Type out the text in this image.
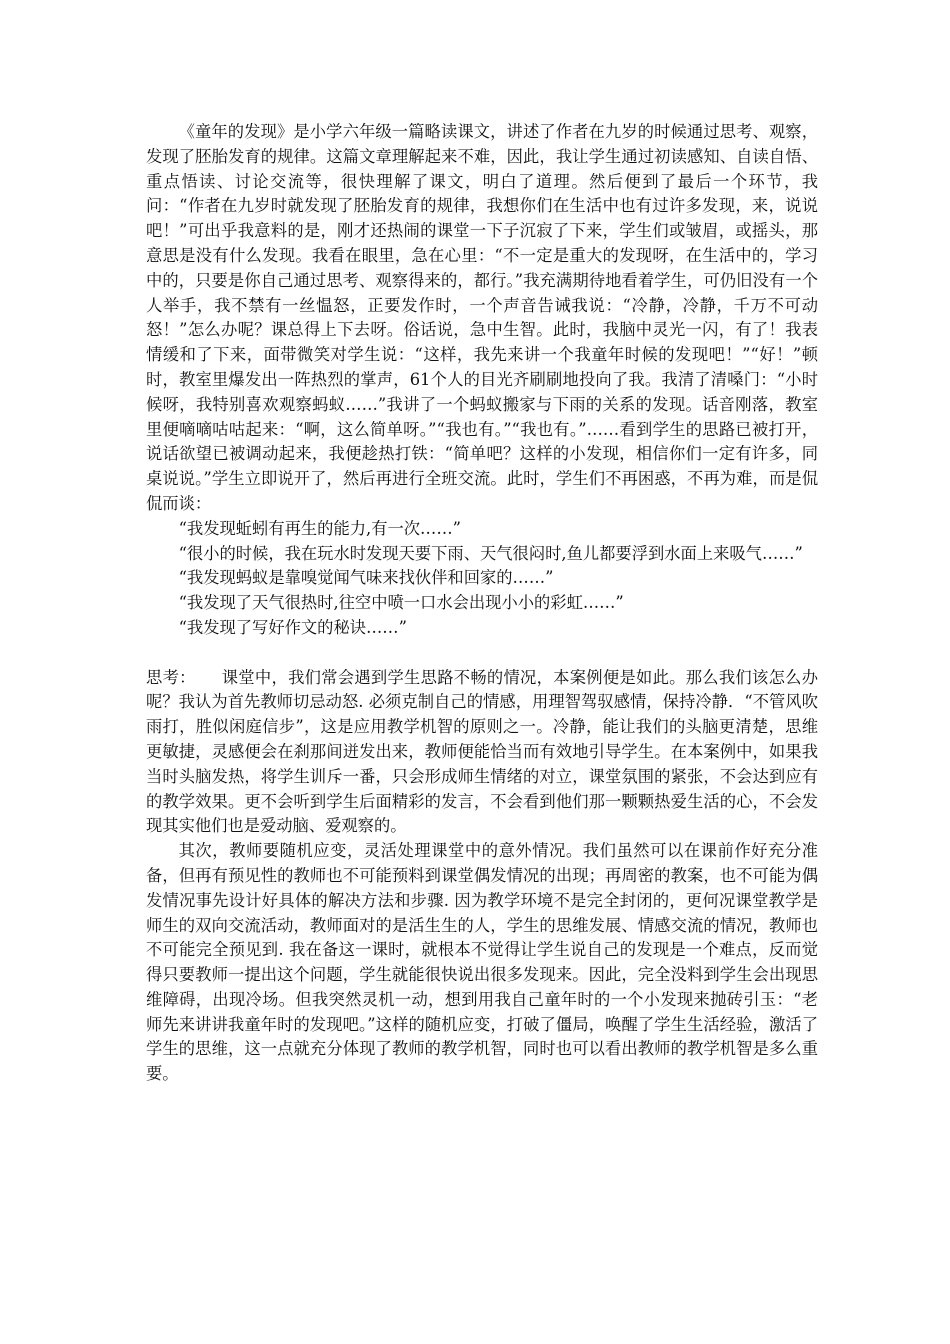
《童年的发现》是小学六年级一篇略读课文，讲述了作者在九岁的时候通过思考、观察，发现了胚胎发育的规律。这篇文章理解起来不难，因此，我让学生通过初读感知、自读自悟、重点悟读、讨论交流等，很快理解了课文，明白了道理。然后便到了最后一个环节，我问：“作者在九岁时就发现了胚胎发育的规律，我想你们在生活中也有过许多发现，来，说说吧！”可出乎我意料的是，刚才还热闹的课堂一下子沉寂了下来，学生们或皱眉，或摇头，那意思是没有什么发现。我看在眼里，急在心里：“不一定是重大的发现呀，在生活中的，学习中的，只要是你自己通过思考、观察得来的，都行。”我充满期待地看着学生，可仍旧没有一个人举手，我不禁有一丝愠怒，正要发作时，一个声音告诫我说：“冷静，冷静，千万不可动怒！”怎么办呢？课总得上下去呀。俗话说，急中生智。此时，我脑中灵光一闪，有了！我表情缓和了下来，面带微笑对学生说：“这样，我先来讲一个我童年时候的发现吧！”“好！”顿时，教室里爆发出一阵热烈的掌声，61个人的目光齐刷刷地投向了我。我清了清嗓门：“小时候呀，我特别喜欢观察蚂蚁……”我讲了一个蚂蚁搬家与下雨的关系的发现。话音刚落，教室里便嘀嘀咕咕起来：“啊，这么简单呀。”“我也有。”“我也有。”……看到学生的思路已被打开，说话欲望已被调动起来，我便趁热打铁：“简单吧？这样的小发现，相信你们一定有许多，同桌说说。”学生立即说开了，然后再进行全班交流。此时，学生们不再困惑，不再为难，而是侃侃而谈：

“我发现蚯蚓有再生的能力,有一次……”

“很小的时候，我在玩水时发现天要下雨、天气很闷时,鱼儿都要浮到水面上来吸气……”

“我发现蚂蚁是靠嗅觉闻气味来找伙伴和回家的……”

“我发现了天气很热时,往空中喷一口水会出现小小的彩虹……”

“我发现了写好作文的秘诀……”

思考： 课堂中，我们常会遇到学生思路不畅的情况，本案例便是如此。那么我们该怎么办呢？我认为首先教师切忌动怒. 必须克制自己的情感，用理智驾驭感情，保持冷静．“不管风吹雨打，胜似闲庭信步”，这是应用教学机智的原则之一。冷静，能让我们的头脑更清楚，思维更敏捷，灵感便会在刹那间迸发出来，教师便能恰当而有效地引导学生。在本案例中，如果我当时头脑发热，将学生训斥一番，只会形成师生情绪的对立，课堂氛围的紧张，不会达到应有的教学效果。更不会听到学生后面精彩的发言，不会看到他们那一颗颗热爱生活的心，不会发现其实他们也是爱动脑、爱观察的。

其次，教师要随机应变，灵活处理课堂中的意外情况。我们虽然可以在课前作好充分准备，但再有预见性的教师也不可能预料到课堂偶发情况的出现；再周密的教案，也不可能为偶发情况事先设计好具体的解决方法和步骤. 因为教学环境不是完全封闭的，更何况课堂教学是师生的双向交流活动，教师面对的是活生生的人，学生的思维发展、情感交流的情况，教师也不可能完全预见到. 我在备这一课时，就根本不觉得让学生说自己的发现是一个难点，反而觉得只要教师一提出这个问题，学生就能很快说出很多发现来。因此，完全没料到学生会出现思维障碍，出现冷场。但我突然灵机一动，想到用我自己童年时的一个小发现来抛砖引玉：“老师先来讲讲我童年时的发现吧。”这样的随机应变，打破了僵局，唤醒了学生生活经验，激活了学生的思维，这一点就充分体现了教师的教学机智，同时也可以看出教师的教学机智是多么重要。
